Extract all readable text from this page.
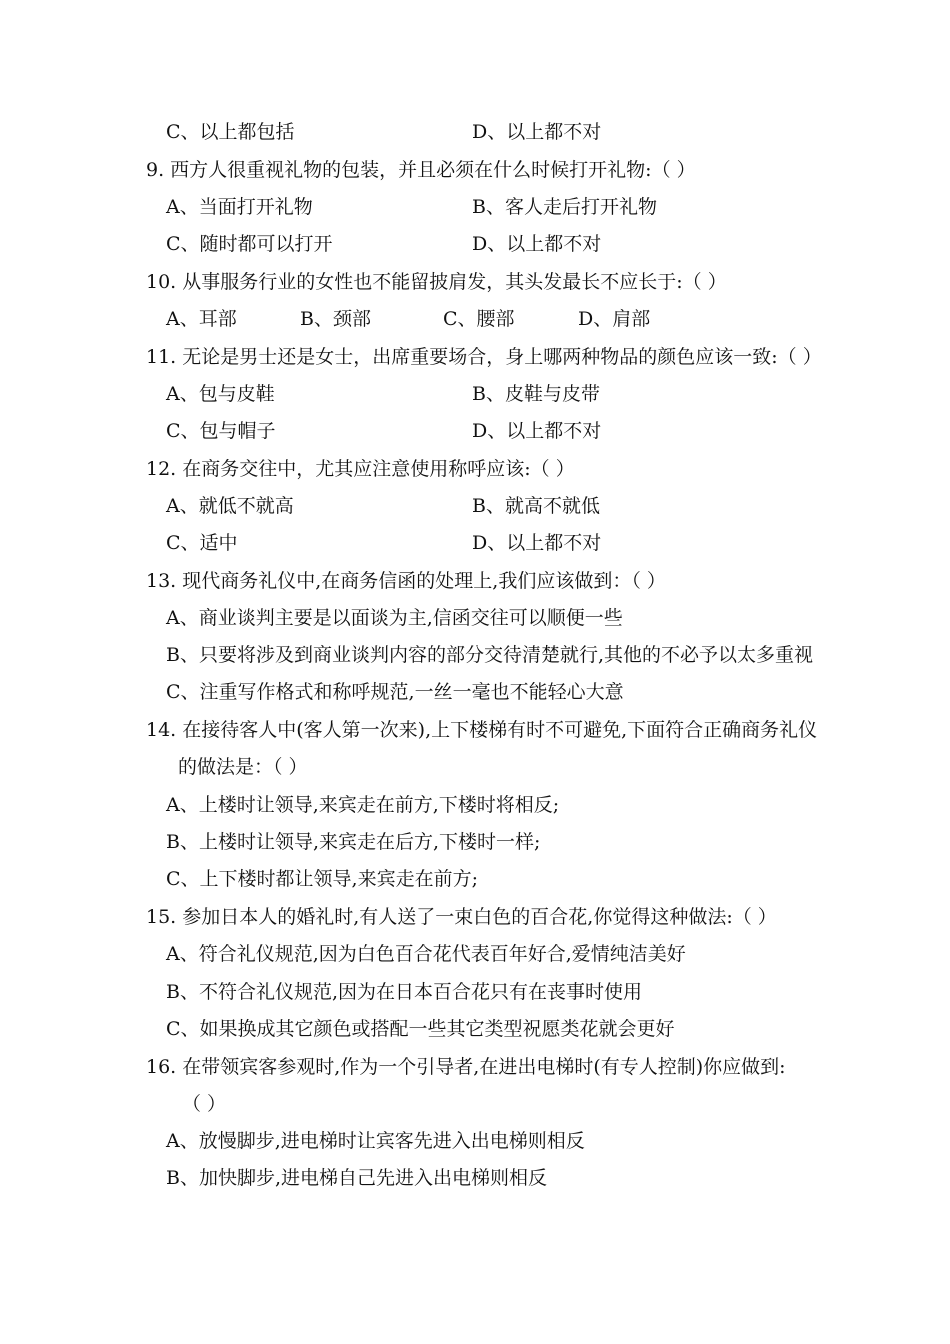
C、以上都包括	D、以上都不对
9. 西方人很重视礼物的包装，并且必须在什么时候打开礼物:（ ）
A、当面打开礼物	B、客人走后打开礼物
C、随时都可以打开	D、以上都不对
10. 从事服务行业的女性也不能留披肩发，其头发最长不应长于:（ ）
A、耳部	B、颈部	C、腰部	D、肩部
11. 无论是男士还是女士，出席重要场合，身上哪两种物品的颜色应该一致:（ ）
A、包与皮鞋	B、皮鞋与皮带
C、包与帽子	D、以上都不对
12. 在商务交往中，尤其应注意使用称呼应该:（ ）
A、就低不就高	B、就高不就低
C、适中	D、以上都不对
13. 现代商务礼仪中,在商务信函的处理上,我们应该做到：（ ）
A、商业谈判主要是以面谈为主,信函交往可以顺便一些
B、只要将涉及到商业谈判内容的部分交待清楚就行,其他的不必予以太多重视
C、注重写作格式和称呼规范,一丝一毫也不能轻心大意
14. 在接待客人中(客人第一次来),上下楼梯有时不可避免,下面符合正确商务礼仪
的做法是：（ ）
A、上楼时让领导,来宾走在前方,下楼时将相反;
B、上楼时让领导,来宾走在后方,下楼时一样;
C、上下楼时都让领导,来宾走在前方;
15. 参加日本人的婚礼时,有人送了一束白色的百合花,你觉得这种做法:（ ）
A、符合礼仪规范,因为白色百合花代表百年好合,爱情纯洁美好
B、不符合礼仪规范,因为在日本百合花只有在丧事时使用
C、如果换成其它颜色或搭配一些其它类型祝愿类花就会更好
16. 在带领宾客参观时,作为一个引导者,在进出电梯时(有专人控制)你应做到:
（ ）
A、放慢脚步,进电梯时让宾客先进入出电梯则相反
B、加快脚步,进电梯自己先进入出电梯则相反
